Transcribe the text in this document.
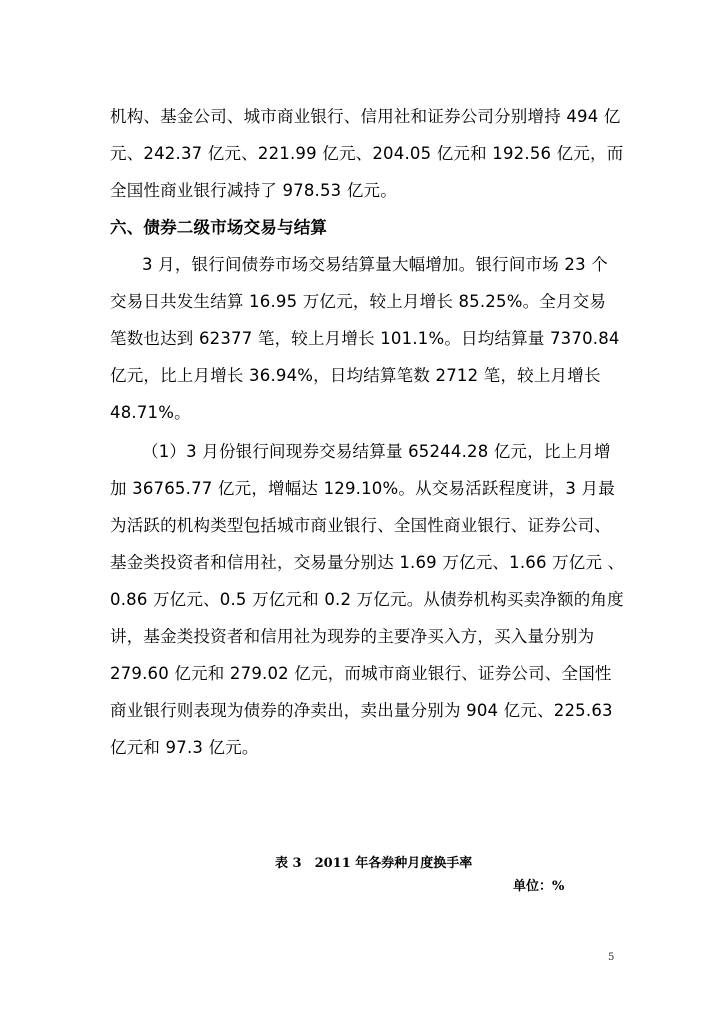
机构、基金公司、城市商业银行、信用社和证券公司分别增持 494 亿
元、242.37 亿元、221.99 亿元、204.05 亿元和 192.56 亿元，而
全国性商业银行减持了 978.53 亿元。
六、债券二级市场交易与结算
3 月，银行间债券市场交易结算量大幅增加。银行间市场 23 个
交易日共发生结算 16.95 万亿元，较上月增长 85.25%。全月交易
笔数也达到 62377 笔，较上月增长 101.1%。日均结算量 7370.84
亿元，比上月增长 36.94%，日均结算笔数 2712 笔，较上月增长
48.71%。
（1）3 月份银行间现券交易结算量 65244.28 亿元，比上月增
加 36765.77 亿元，增幅达 129.10%。从交易活跃程度讲，3 月最
为活跃的机构类型包括城市商业银行、全国性商业银行、证券公司、
基金类投资者和信用社，交易量分别达 1.69 万亿元、1.66 万亿元 、
0.86 万亿元、0.5 万亿元和 0.2 万亿元。从债券机构买卖净额的角度
讲，基金类投资者和信用社为现券的主要净买入方，买入量分别为
279.60 亿元和 279.02 亿元，而城市商业银行、证券公司、全国性
商业银行则表现为债券的净卖出，卖出量分别为 904 亿元、225.63
亿元和 97.3 亿元。
表 3　2011 年各券种月度换手率
单位：%
5
